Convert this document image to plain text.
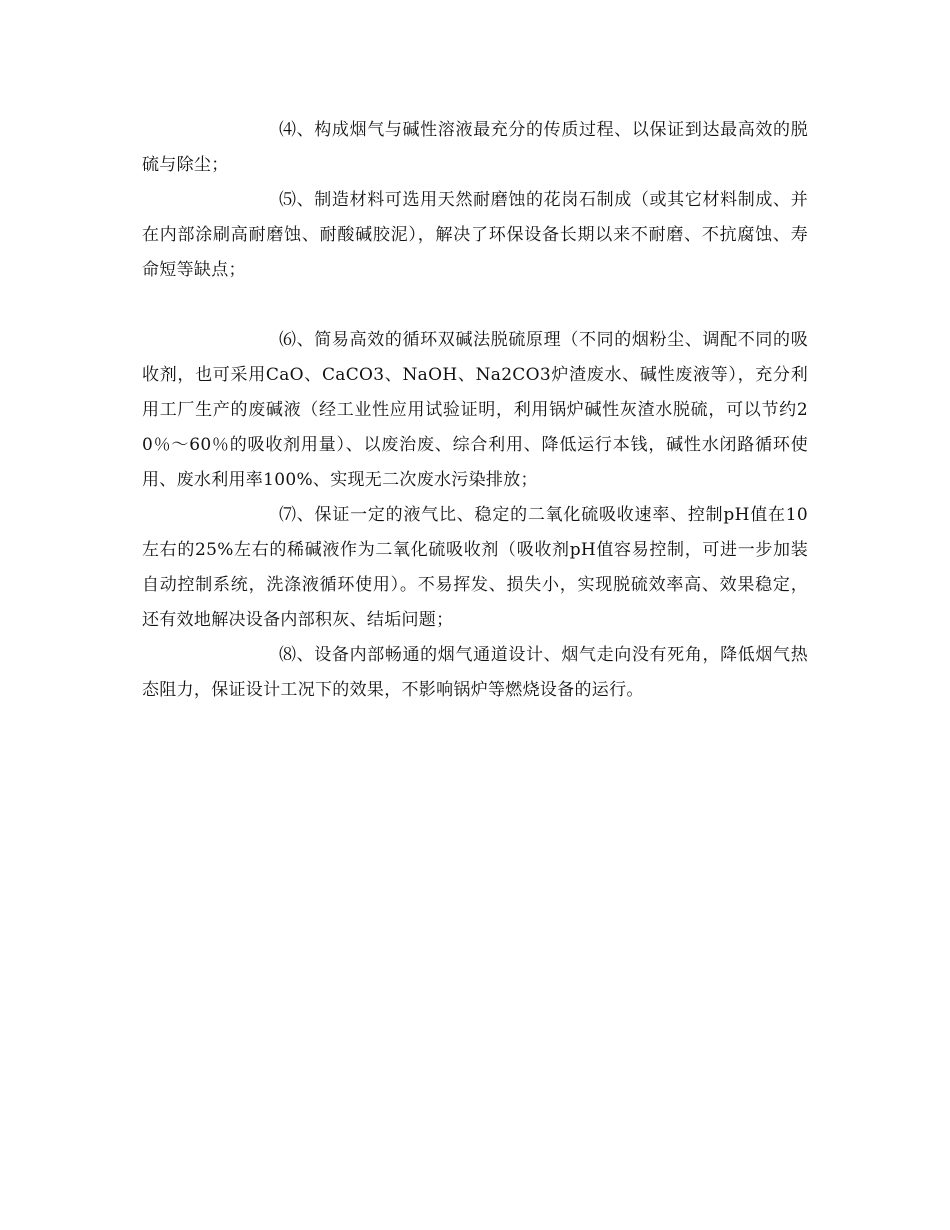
⑷、构成烟气与碱性溶液最充分的传质过程、以保证到达最高效的脱硫与除尘；

⑸、制造材料可选用天然耐磨蚀的花岗石制成（或其它材料制成、并在内部涂刷高耐磨蚀、耐酸碱胶泥），解决了环保设备长期以来不耐磨、不抗腐蚀、寿命短等缺点；

⑹、简易高效的循环双碱法脱硫原理（不同的烟粉尘、调配不同的吸收剂，也可采用CaO、CaCO3、NaOH、Na2CO3炉渣废水、碱性废液等），充分利用工厂生产的废碱液（经工业性应用试验证明，利用锅炉碱性灰渣水脱硫，可以节约20％～60％的吸收剂用量）、以废治废、综合利用、降低运行本钱，碱性水闭路循环使用、废水利用率100%、实现无二次废水污染排放；

⑺、保证一定的液气比、稳定的二氧化硫吸收速率、控制pH值在10左右的25%左右的稀碱液作为二氧化硫吸收剂（吸收剂pH值容易控制，可进一步加装自动控制系统，洗涤液循环使用）。不易挥发、损失小，实现脱硫效率高、效果稳定，还有效地解决设备内部积灰、结垢问题；

⑻、设备内部畅通的烟气通道设计、烟气走向没有死角，降低烟气热态阻力，保证设计工况下的效果，不影响锅炉等燃烧设备的运行。
